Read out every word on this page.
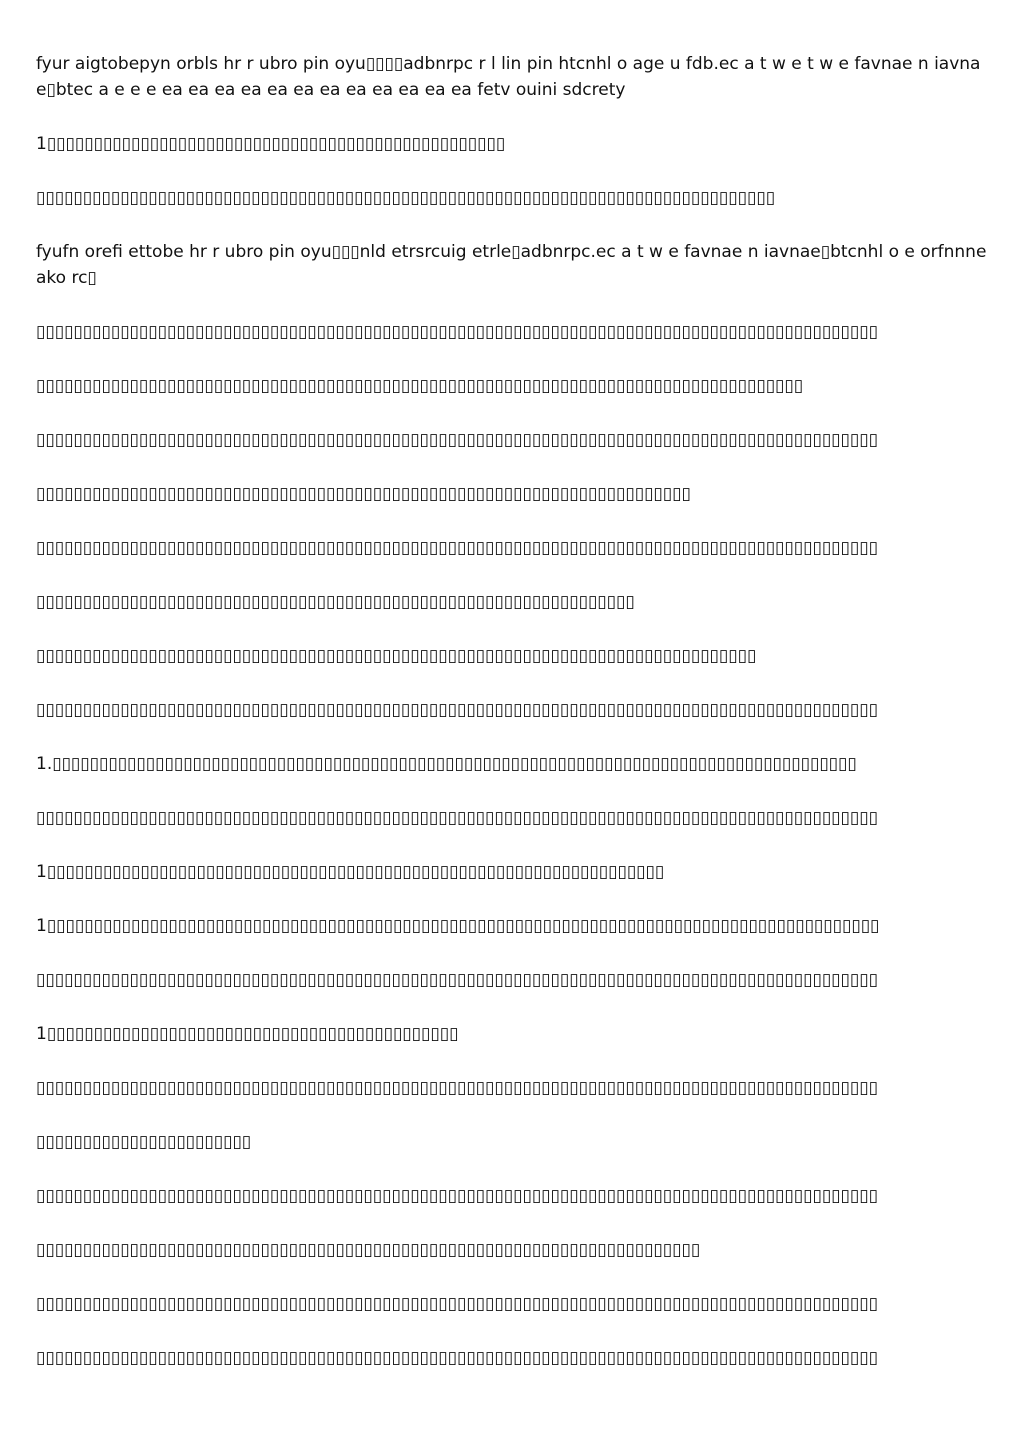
fyur aigtobepyn orbls hr r ubro pin oyu▯▯▯▯adbnrpc r l lin pin htcnhl o age u fdb.ec a t w e t w e favnae n iavnae▯btec a e e e ea ea ea ea ea ea ea ea ea ea ea ea fetv ouini sdcrety

1▯▯▯▯▯▯▯▯▯▯▯▯▯▯▯▯▯▯▯▯▯▯▯▯▯▯▯▯▯▯▯▯▯▯▯▯▯▯▯▯▯▯▯▯▯▯▯▯▯

▯▯▯▯▯▯▯▯▯▯▯▯▯▯▯▯▯▯▯▯▯▯▯▯▯▯▯▯▯▯▯▯▯▯▯▯▯▯▯▯▯▯▯▯▯▯▯▯▯▯▯▯▯▯▯▯▯▯▯▯▯▯▯▯▯▯▯▯▯▯▯▯▯▯▯▯▯▯▯

fyufn orefi ettobe hr r ubro pin oyu▯▯▯nld etrsrcuig etrle▯adbnrpc.ec a t w e favnae n iavnae▯btcnhl o e orfnnne ako rc▯

▯▯▯▯▯▯▯▯▯▯▯▯▯▯▯▯▯▯▯▯▯▯▯▯▯▯▯▯▯▯▯▯▯▯▯▯▯▯▯▯▯▯▯▯▯▯▯▯▯▯▯▯▯▯▯▯▯▯▯▯▯▯▯▯▯▯▯▯▯▯▯▯▯▯▯▯▯▯▯▯▯▯▯▯▯▯▯▯▯▯

▯▯▯▯▯▯▯▯▯▯▯▯▯▯▯▯▯▯▯▯▯▯▯▯▯▯▯▯▯▯▯▯▯▯▯▯▯▯▯▯▯▯▯▯▯▯▯▯▯▯▯▯▯▯▯▯▯▯▯▯▯▯▯▯▯▯▯▯▯▯▯▯▯▯▯▯▯▯▯▯▯▯

▯▯▯▯▯▯▯▯▯▯▯▯▯▯▯▯▯▯▯▯▯▯▯▯▯▯▯▯▯▯▯▯▯▯▯▯▯▯▯▯▯▯▯▯▯▯▯▯▯▯▯▯▯▯▯▯▯▯▯▯▯▯▯▯▯▯▯▯▯▯▯▯▯▯▯▯▯▯▯▯▯▯▯▯▯▯▯▯▯▯

▯▯▯▯▯▯▯▯▯▯▯▯▯▯▯▯▯▯▯▯▯▯▯▯▯▯▯▯▯▯▯▯▯▯▯▯▯▯▯▯▯▯▯▯▯▯▯▯▯▯▯▯▯▯▯▯▯▯▯▯▯▯▯▯▯▯▯▯▯▯

▯▯▯▯▯▯▯▯▯▯▯▯▯▯▯▯▯▯▯▯▯▯▯▯▯▯▯▯▯▯▯▯▯▯▯▯▯▯▯▯▯▯▯▯▯▯▯▯▯▯▯▯▯▯▯▯▯▯▯▯▯▯▯▯▯▯▯▯▯▯▯▯▯▯▯▯▯▯▯▯▯▯▯▯▯▯▯▯▯▯

▯▯▯▯▯▯▯▯▯▯▯▯▯▯▯▯▯▯▯▯▯▯▯▯▯▯▯▯▯▯▯▯▯▯▯▯▯▯▯▯▯▯▯▯▯▯▯▯▯▯▯▯▯▯▯▯▯▯▯▯▯▯▯▯

▯▯▯▯▯▯▯▯▯▯▯▯▯▯▯▯▯▯▯▯▯▯▯▯▯▯▯▯▯▯▯▯▯▯▯▯▯▯▯▯▯▯▯▯▯▯▯▯▯▯▯▯▯▯▯▯▯▯▯▯▯▯▯▯▯▯▯▯▯▯▯▯▯▯▯▯▯

▯▯▯▯▯▯▯▯▯▯▯▯▯▯▯▯▯▯▯▯▯▯▯▯▯▯▯▯▯▯▯▯▯▯▯▯▯▯▯▯▯▯▯▯▯▯▯▯▯▯▯▯▯▯▯▯▯▯▯▯▯▯▯▯▯▯▯▯▯▯▯▯▯▯▯▯▯▯▯▯▯▯▯▯▯▯▯▯▯▯

1.▯▯▯▯▯▯▯▯▯▯▯▯▯▯▯▯▯▯▯▯▯▯▯▯▯▯▯▯▯▯▯▯▯▯▯▯▯▯▯▯▯▯▯▯▯▯▯▯▯▯▯▯▯▯▯▯▯▯▯▯▯▯▯▯▯▯▯▯▯▯▯▯▯▯▯▯▯▯▯▯▯▯▯▯▯▯

▯▯▯▯▯▯▯▯▯▯▯▯▯▯▯▯▯▯▯▯▯▯▯▯▯▯▯▯▯▯▯▯▯▯▯▯▯▯▯▯▯▯▯▯▯▯▯▯▯▯▯▯▯▯▯▯▯▯▯▯▯▯▯▯▯▯▯▯▯▯▯▯▯▯▯▯▯▯▯▯▯▯▯▯▯▯▯▯▯▯

1▯▯▯▯▯▯▯▯▯▯▯▯▯▯▯▯▯▯▯▯▯▯▯▯▯▯▯▯▯▯▯▯▯▯▯▯▯▯▯▯▯▯▯▯▯▯▯▯▯▯▯▯▯▯▯▯▯▯▯▯▯▯▯▯▯▯

1▯▯▯▯▯▯▯▯▯▯▯▯▯▯▯▯▯▯▯▯▯▯▯▯▯▯▯▯▯▯▯▯▯▯▯▯▯▯▯▯▯▯▯▯▯▯▯▯▯▯▯▯▯▯▯▯▯▯▯▯▯▯▯▯▯▯▯▯▯▯▯▯▯▯▯▯▯▯▯▯▯▯▯▯▯▯▯▯▯

▯▯▯▯▯▯▯▯▯▯▯▯▯▯▯▯▯▯▯▯▯▯▯▯▯▯▯▯▯▯▯▯▯▯▯▯▯▯▯▯▯▯▯▯▯▯▯▯▯▯▯▯▯▯▯▯▯▯▯▯▯▯▯▯▯▯▯▯▯▯▯▯▯▯▯▯▯▯▯▯▯▯▯▯▯▯▯▯▯▯

1▯▯▯▯▯▯▯▯▯▯▯▯▯▯▯▯▯▯▯▯▯▯▯▯▯▯▯▯▯▯▯▯▯▯▯▯▯▯▯▯▯▯▯▯

▯▯▯▯▯▯▯▯▯▯▯▯▯▯▯▯▯▯▯▯▯▯▯▯▯▯▯▯▯▯▯▯▯▯▯▯▯▯▯▯▯▯▯▯▯▯▯▯▯▯▯▯▯▯▯▯▯▯▯▯▯▯▯▯▯▯▯▯▯▯▯▯▯▯▯▯▯▯▯▯▯▯▯▯▯▯▯▯▯▯

▯▯▯▯▯▯▯▯▯▯▯▯▯▯▯▯▯▯▯▯▯▯▯

▯▯▯▯▯▯▯▯▯▯▯▯▯▯▯▯▯▯▯▯▯▯▯▯▯▯▯▯▯▯▯▯▯▯▯▯▯▯▯▯▯▯▯▯▯▯▯▯▯▯▯▯▯▯▯▯▯▯▯▯▯▯▯▯▯▯▯▯▯▯▯▯▯▯▯▯▯▯▯▯▯▯▯▯▯▯▯▯▯▯

▯▯▯▯▯▯▯▯▯▯▯▯▯▯▯▯▯▯▯▯▯▯▯▯▯▯▯▯▯▯▯▯▯▯▯▯▯▯▯▯▯▯▯▯▯▯▯▯▯▯▯▯▯▯▯▯▯▯▯▯▯▯▯▯▯▯▯▯▯▯▯

▯▯▯▯▯▯▯▯▯▯▯▯▯▯▯▯▯▯▯▯▯▯▯▯▯▯▯▯▯▯▯▯▯▯▯▯▯▯▯▯▯▯▯▯▯▯▯▯▯▯▯▯▯▯▯▯▯▯▯▯▯▯▯▯▯▯▯▯▯▯▯▯▯▯▯▯▯▯▯▯▯▯▯▯▯▯▯▯▯▯

▯▯▯▯▯▯▯▯▯▯▯▯▯▯▯▯▯▯▯▯▯▯▯▯▯▯▯▯▯▯▯▯▯▯▯▯▯▯▯▯▯▯▯▯▯▯▯▯▯▯▯▯▯▯▯▯▯▯▯▯▯▯▯▯▯▯▯▯▯▯▯▯▯▯▯▯▯▯▯▯▯▯▯▯▯▯▯▯▯▯
